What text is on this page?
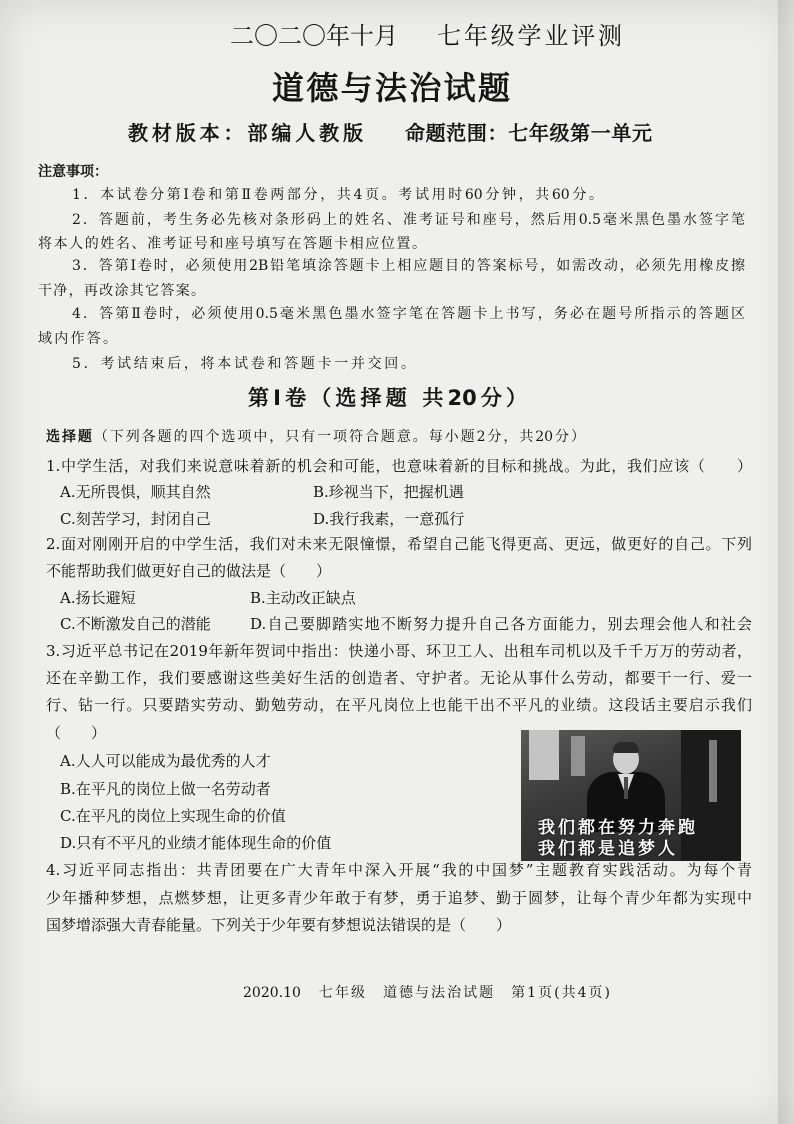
二〇二〇年十月 七年级学业评测
道德与法治试题
教材版本：部编人教版 命题范围：七年级第一单元
注意事项：
1．本试卷分第Ⅰ卷和第Ⅱ卷两部分，共4页。考试用时60分钟，共60分。
2．答题前，考生务必先核对条形码上的姓名、准考证号和座号，然后用0.5毫米黑色墨水签字笔
将本人的姓名、准考证号和座号填写在答题卡相应位置。
3．答第Ⅰ卷时，必须使用2B铅笔填涂答题卡上相应题目的答案标号，如需改动，必须先用橡皮擦
干净，再改涂其它答案。
4．答第Ⅱ卷时，必须使用0.5毫米黑色墨水签字笔在答题卡上书写，务必在题号所指示的答题区
域内作答。
5．考试结束后，将本试卷和答题卡一并交回。
第Ⅰ卷（选择题 共20分）
选择题（下列各题的四个选项中，只有一项符合题意。每小题2分，共20分）
1.中学生活，对我们来说意味着新的机会和可能，也意味着新的目标和挑战。为此，我们应该（　　）
A.无所畏惧，顺其自然	B.珍视当下，把握机遇
C.刻苦学习，封闭自己	D.我行我素，一意孤行
2.面对刚刚开启的中学生活，我们对未来无限憧憬，希望自己能飞得更高、更远，做更好的自己。下列
不能帮助我们做更好自己的做法是（　　）
A.扬长避短	B.主动改正缺点
C.不断激发自己的潜能	D.自己要脚踏实地不断努力提升自己各方面能力，别去理会他人和社会
3.习近平总书记在2019年新年贺词中指出：快递小哥、环卫工人、出租车司机以及千千万万的劳动者，
还在辛勤工作，我们要感谢这些美好生活的创造者、守护者。无论从事什么劳动，都要干一行、爱一
行、钻一行。只要踏实劳动、勤勉劳动，在平凡岗位上也能干出不平凡的业绩。这段话主要启示我们
（　　）
A.人人可以能成为最优秀的人才
B.在平凡的岗位上做一名劳动者
C.在平凡的岗位上实现生命的价值
D.只有不平凡的业绩才能体现生命的价值
我们都在努力奔跑
我们都是追梦人
4.习近平同志指出：共青团要在广大青年中深入开展“我的中国梦”主题教育实践活动。为每个青
少年播种梦想，点燃梦想，让更多青少年敢于有梦，勇于追梦、勤于圆梦，让每个青少年都为实现中
国梦增添强大青春能量。下列关于少年要有梦想说法错误的是（　　）
2020.10　七年级　道德与法治试题　第1页(共4页)
